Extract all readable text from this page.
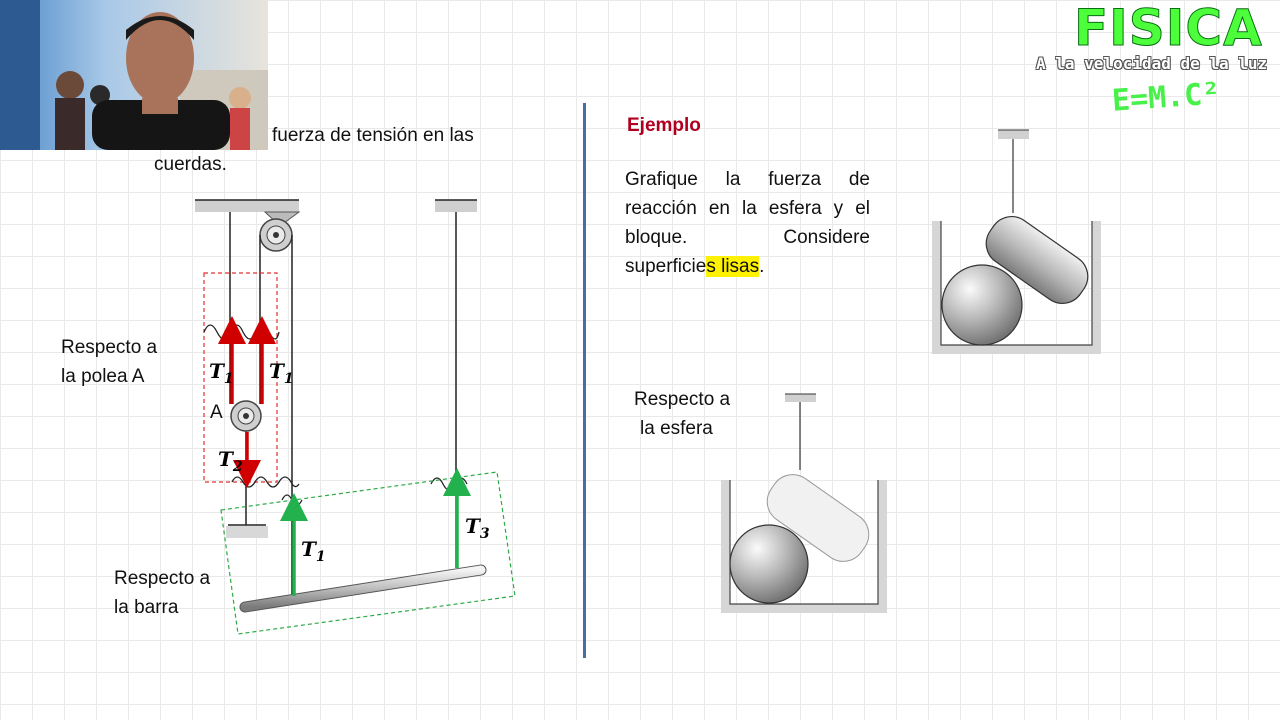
FISICA
A la velocidad de la luz
E=M.C²
fuerza de tensión en las
cuerdas.
Respecto a
la polea A
Respecto a
la barra
A
$T_1$ $T_1$
$T_2$
$T_1$
$T_3$
Ejemplo
Grafique la fuerza de
reacción en la esfera y el
bloque. Considere
superficies lisas.
Respecto a
la esfera
